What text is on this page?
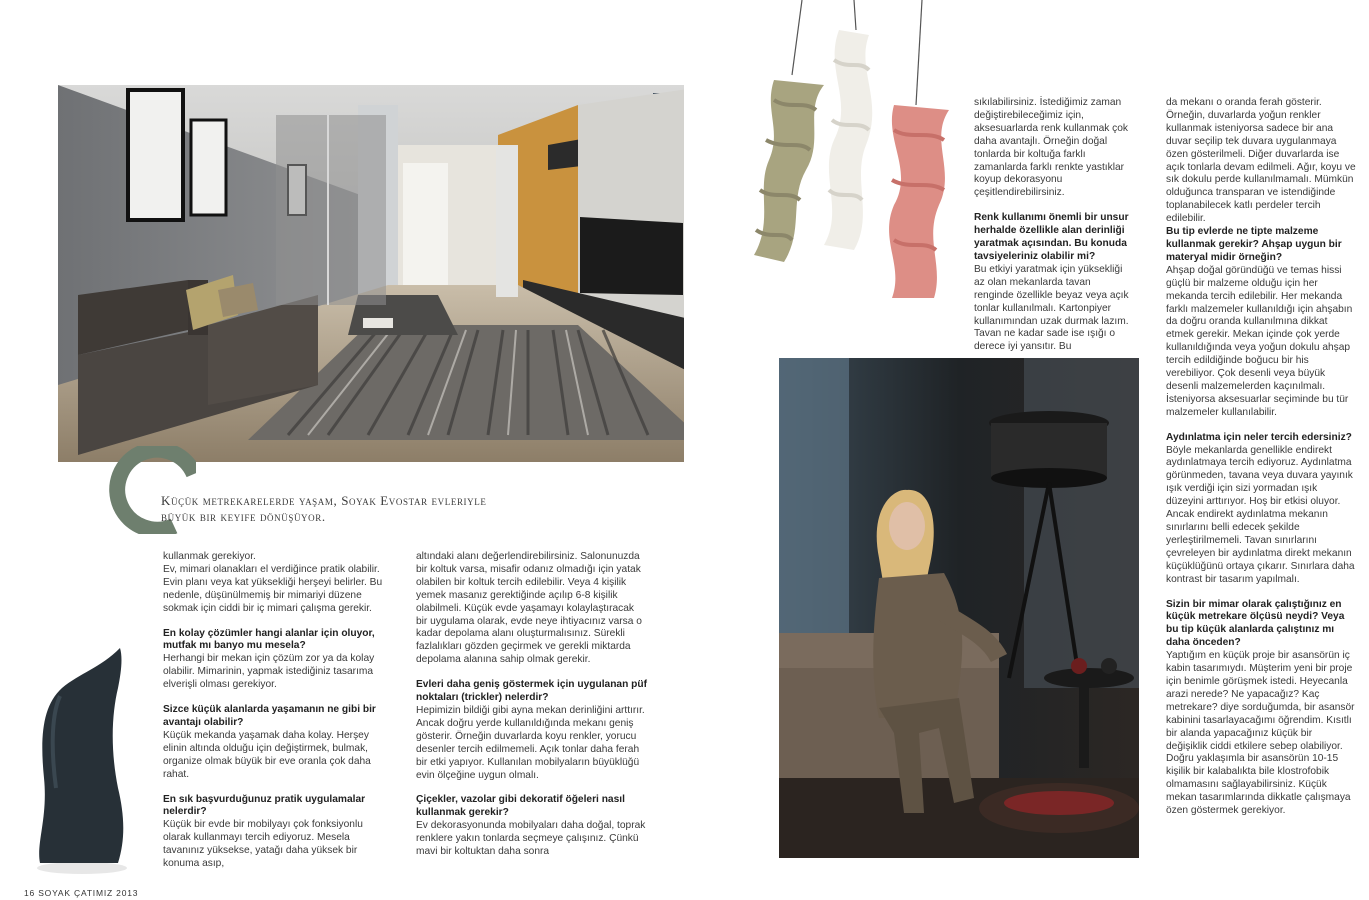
Küçük metrekarelerde yaşam, Soyak Evostar evleriyle
büyük bir keyife dönüşüyor.

kullanmak gerekiyor.
Ev, mimari olanakları el verdiğince pratik olabilir. Evin planı veya kat yüksekliği herşeyi belirler. Bu nedenle, düşünülmemiş bir mimariyi düzene sokmak için ciddi bir iç mimari çalışma gerekir.

En kolay çözümler hangi alanlar için oluyor, mutfak mı banyo mu mesela?
Herhangi bir mekan için çözüm zor ya da kolay olabilir. Mimarinin, yapmak istediğiniz tasarıma elverişli olması gerekiyor.
Sizce küçük alanlarda yaşamanın ne gibi bir avantajı olabilir?
Küçük mekanda yaşamak daha kolay. Herşey elinin altında olduğu için değiştirmek, bulmak, organize olmak büyük bir eve oranla çok daha rahat.
En sık başvurduğunuz pratik uygulamalar nelerdir?
Küçük bir evde bir mobilyayı çok fonksiyonlu olarak kullanmayı tercih ediyoruz. Mesela tavanınız yüksekse, yatağı daha yüksek bir konuma asıp,

altındaki alanı değerlendirebilirsiniz. Salonunuzda bir koltuk varsa, misafir odanız olmadığı için yatak olabilen bir koltuk tercih edilebilir. Veya 4 kişilik yemek masanız gerektiğinde açılıp 6-8 kişilik olabilmeli. Küçük evde yaşamayı kolaylaştıracak bir uygulama olarak, evde neye ihtiyacınız varsa o kadar depolama alanı oluşturmalısınız. Sürekli fazlalıkları gözden geçirmek ve gerekli miktarda depolama alanına sahip olmak gerekir.

Evleri daha geniş göstermek için uygulanan püf noktaları (trickler) nelerdir?
Hepimizin bildiği gibi ayna mekan derinliğini arttırır. Ancak doğru yerde kullanıldığında mekanı geniş gösterir. Örneğin duvarlarda koyu renkler, yorucu desenler tercih edilmemeli. Açık tonlar daha ferah bir etki yapıyor. Kullanılan mobilyaların büyüklüğü evin ölçeğine uygun olmalı.
Çiçekler, vazolar gibi dekoratif öğeleri nasıl kullanmak gerekir?
Ev dekorasyonunda mobilyaları daha doğal, toprak renklere yakın tonlarda seçmeye çalışınız. Çünkü mavi bir koltuktan daha sonra
16 SOYAK ÇATIMIZ 2013

sıkılabilirsiniz. İstediğimiz zaman değiştirebileceğimiz için, aksesuarlarda renk kullanmak çok daha avantajlı. Örneğin doğal tonlarda bir koltuğa farklı zamanlarda farklı renkte yastıklar koyup dekorasyonu çeşitlendirebilirsiniz.

Renk kullanımı önemli bir unsur herhalde özellikle alan derinliği yaratmak açısından. Bu konuda tavsiyeleriniz olabilir mi?
Bu etkiyi yaratmak için yüksekliği az olan mekanlarda tavan renginde özellikle beyaz veya açık tonlar kullanılmalı. Kartonpiyer kullanımından uzak durmak lazım. Tavan ne kadar sade ise ışığı o derece iyi yansıtır. Bu

da mekanı o oranda ferah gösterir. Örneğin, duvarlarda yoğun renkler kullanmak isteniyorsa sadece bir ana duvar seçilip tek duvara uygulanmaya özen gösterilmeli. Diğer duvarlarda ise açık tonlarla devam edilmeli. Ağır, koyu ve sık dokulu perde kullanılmamalı. Mümkün olduğunca transparan ve istendiğinde toplanabilecek katlı perdeler tercih edilebilir.

Bu tip evlerde ne tipte malzeme kullanmak gerekir? Ahşap uygun bir materyal midir örneğin?
Ahşap doğal göründüğü ve temas hissi güçlü bir malzeme olduğu için her mekanda tercih edilebilir. Her mekanda farklı malzemeler kullanıldığı için ahşabın da doğru oranda kullanılmına dikkat etmek gerekir. Mekan içinde çok yerde kullanıldığında veya yoğun dokulu ahşap tercih edildiğinde boğucu bir his verebiliyor. Çok desenli veya büyük desenli malzemelerden kaçınılmalı. İsteniyorsa aksesuarlar seçiminde bu tür malzemeler kullanılabilir.
Aydınlatma için neler tercih edersiniz?
Böyle mekanlarda genellikle endirekt aydınlatmaya tercih ediyoruz. Aydınlatma görünmeden, tavana veya duvara yayınık ışık verdiği için sizi yormadan ışık düzeyini arttırıyor. Hoş bir etkisi oluyor. Ancak endirekt aydınlatma mekanın sınırlarını belli edecek şekilde yerleştirilmemeli. Tavan sınırlarını çevreleyen bir aydınlatma direkt mekanın küçüklüğünü ortaya çıkarır. Sınırlara daha kontrast bir tasarım yapılmalı.
Sizin bir mimar olarak çalıştığınız en küçük metrekare ölçüsü neydi? Veya bu tip küçük alanlarda çalıştınız mı daha önceden?
Yaptığım en küçük proje bir asansörün iç kabin tasarımıydı. Müşterim yeni bir proje için benimle görüşmek istedi. Heyecanla arazi nerede? Ne yapacağız? Kaç metrekare? diye sorduğumda, bir asansör kabinini tasarlayacağımı öğrendim. Kısıtlı bir alanda yapacağınız küçük bir değişiklik ciddi etkilere sebep olabiliyor. Doğru yaklaşımla bir asansörün 10-15 kişilik bir kalabalıkta bile klostrofobik olmamasını sağlayabilirsiniz. Küçük mekan tasarımlarında dikkatle çalışmaya özen göstermek gerekiyor.
